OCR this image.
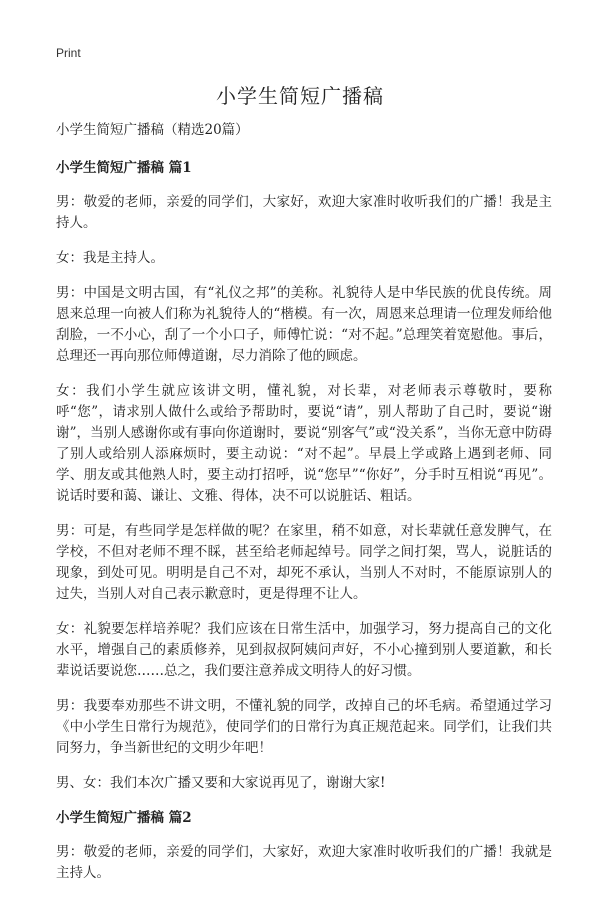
Print
小学生简短广播稿

小学生简短广播稿（精选20篇）

小学生简短广播稿 篇1

男：敬爱的老师，亲爱的同学们，大家好，欢迎大家准时收听我们的广播！我是主持人。

女：我是主持人。

男：中国是文明古国，有“礼仪之邦”的美称。礼貌待人是中华民族的优良传统。周恩来总理一向被人们称为礼貌待人的“楷模。有一次，周恩来总理请一位理发师给他刮脸，一不小心，刮了一个小口子，师傅忙说：“对不起。”总理笑着宽慰他。事后，总理还一再向那位师傅道谢，尽力消除了他的顾虑。

女：我们小学生就应该讲文明，懂礼貌，对长辈，对老师表示尊敬时，要称呼“您”，请求别人做什么或给予帮助时，要说“请”，别人帮助了自己时，要说“谢谢”，当别人感谢你或有事向你道谢时，要说“别客气”或“没关系”，当你无意中防碍了别人或给别人添麻烦时，要主动说：“对不起”。早晨上学或路上遇到老师、同学、朋友或其他熟人时，要主动打招呼，说“您早”“你好”，分手时互相说“再见”。说话时要和蔼、谦让、文雅、得体，决不可以说脏话、粗话。

男：可是，有些同学是怎样做的呢？在家里，稍不如意，对长辈就任意发脾气，在学校，不但对老师不理不睬，甚至给老师起绰号。同学之间打架，骂人，说脏话的现象，到处可见。明明是自己不对，却死不承认，当别人不对时，不能原谅别人的过失，当别人对自己表示歉意时，更是得理不让人。

女：礼貌要怎样培养呢？我们应该在日常生活中，加强学习，努力提高自己的文化水平，增强自己的素质修养，见到叔叔阿姨问声好，不小心撞到别人要道歉，和长辈说话要说您……总之，我们要注意养成文明待人的好习惯。

男：我要奉劝那些不讲文明，不懂礼貌的同学，改掉自己的坏毛病。希望通过学习《中小学生日常行为规范》，使同学们的日常行为真正规范起来。同学们，让我们共同努力，争当新世纪的文明少年吧！

男、女：我们本次广播又要和大家说再见了，谢谢大家!

小学生简短广播稿 篇2

男：敬爱的老师，亲爱的同学们，大家好，欢迎大家准时收听我们的广播！我就是主持人。
